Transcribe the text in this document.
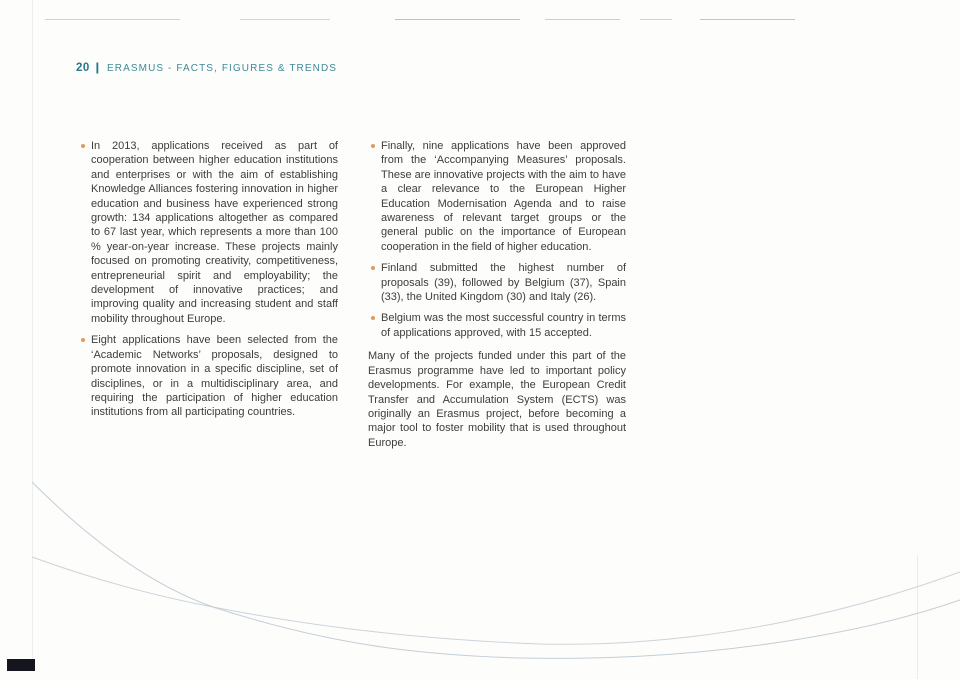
20 ❙ ERASMUS - FACTS, FIGURES & TRENDS

In 2013, applications received as part of cooperation between higher education institutions and enterprises or with the aim of establishing Knowledge Alliances fostering innovation in higher education and business have experienced strong growth: 134 applications altogether as compared to 67 last year, which represents a more than 100 % year-on-year increase. These projects mainly focused on promoting creativity, competitiveness, entrepreneurial spirit and employability; the development of innovative practices; and improving quality and increasing student and staff mobility throughout Europe.

Eight applications have been selected from the ‘Academic Networks’ proposals, designed to promote innovation in a specific discipline, set of disciplines, or in a multidisciplinary area, and requiring the participation of higher education institutions from all participating countries.

Finally, nine applications have been approved from the ‘Accompanying Measures’ proposals. These are innovative projects with the aim to have a clear relevance to the European Higher Education Modernisation Agenda and to raise awareness of relevant target groups or the general public on the importance of European cooperation in the field of higher education.

Finland submitted the highest number of proposals (39), followed by Belgium (37), Spain (33), the United Kingdom (30) and Italy (26).

Belgium was the most successful country in terms of applications approved, with 15 accepted.

Many of the projects funded under this part of the Erasmus programme have led to important policy developments. For example, the European Credit Transfer and Accumulation System (ECTS) was originally an Erasmus project, before becoming a major tool to foster mobility that is used throughout Europe.
